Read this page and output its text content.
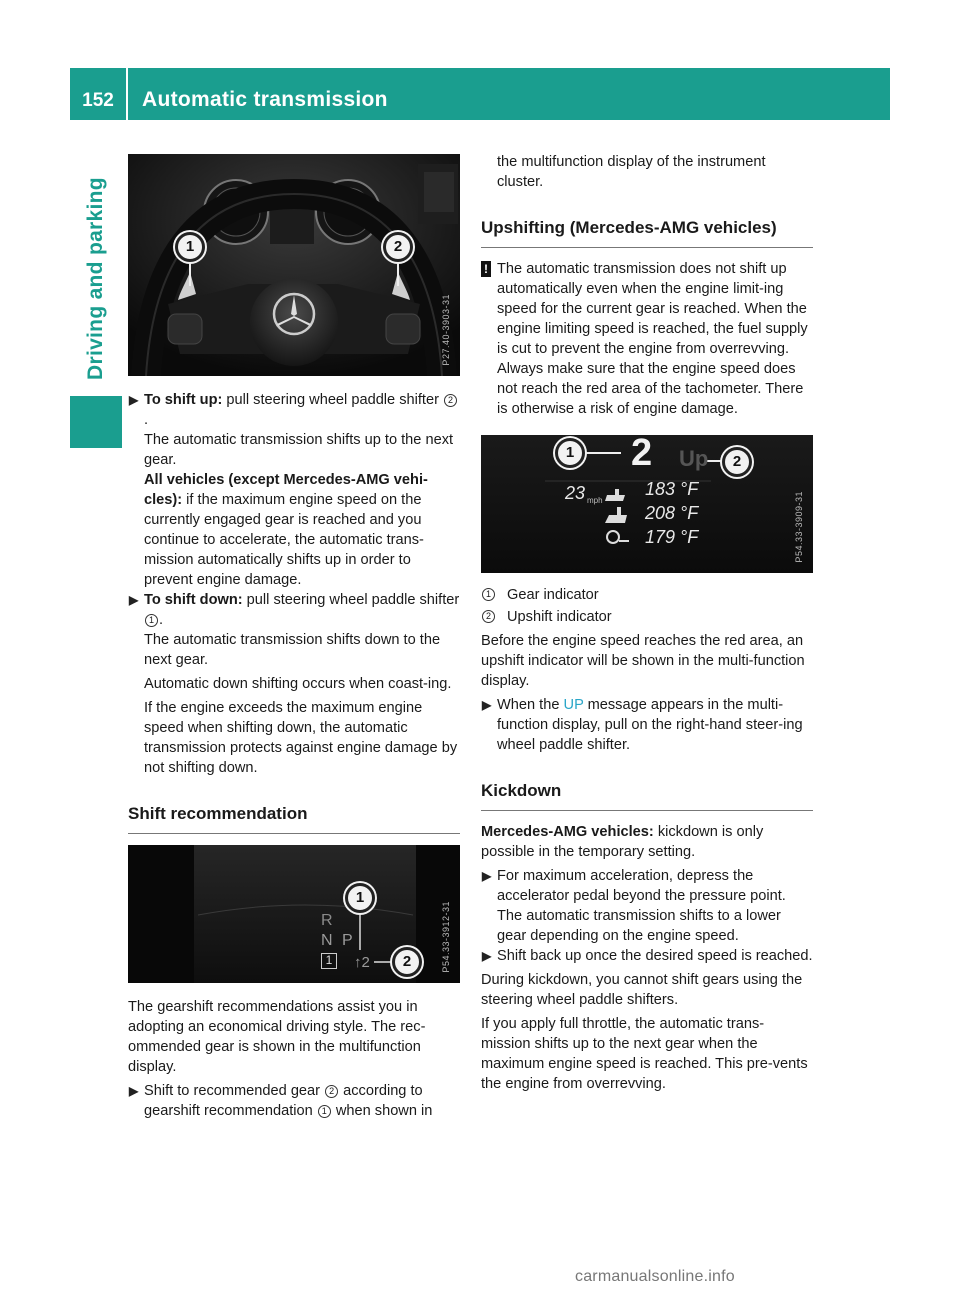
152	Automatic transmission
Driving and parking	1	2
P27.40-3903-31
▶ To shift up: pull steering wheel paddle shifter 2.
The automatic transmission shifts up to the next gear.
All vehicles (except Mercedes-AMG vehi-cles): if the maximum engine speed on the currently engaged gear is reached and you continue to accelerate, the automatic trans-mission automatically shifts up in order to prevent engine damage.
▶ To shift down: pull steering wheel paddle shifter 1 .
The automatic transmission shifts down to the next gear.
Automatic down shifting occurs when coast-ing.
If the engine exceeds the maximum engine speed when shifting down, the automatic transmission protects against engine damage by not shifting down.
Shift recommendation
R
N P
1	↑2
1
2	P54.33-3912-31
The gearshift recommendations assist you in adopting an economical driving style. The rec-ommended gear is shown in the multifunction display.
▶ Shift to recommended gear 2 according to gearshift recommendation 1 when shown in
the multifunction display of the instrument cluster.
Upshifting (Mercedes-AMG vehicles)
! The automatic transmission does not shift up automatically even when the engine limit-ing speed for the current gear is reached. When the engine limiting speed is reached, the fuel supply is cut to prevent the engine from overrevving. Always make sure that the engine speed does not reach the red area of the tachometer. There is otherwise a risk of engine damage.
2
23 mph
Up
183 °F
208 °F
179 °F
1
2
P54.33-3909-31
1 Gear indicator
2 Upshift indicator
Before the engine speed reaches the red area, an upshift indicator will be shown in the multi-function display.
▶ When the UP message appears in the multi-function display, pull on the right-hand steer-ing wheel paddle shifter.
Kickdown
Mercedes-AMG vehicles: kickdown is only possible in the temporary setting.
▶ For maximum acceleration, depress the accelerator pedal beyond the pressure point. The automatic transmission shifts to a lower gear depending on the engine speed.
▶ Shift back up once the desired speed is reached.
During kickdown, you cannot shift gears using the steering wheel paddle shifters.
If you apply full throttle, the automatic trans-mission shifts up to the next gear when the maximum engine speed is reached. This pre-vents the engine from overrevving.
carmanualsonline.info
